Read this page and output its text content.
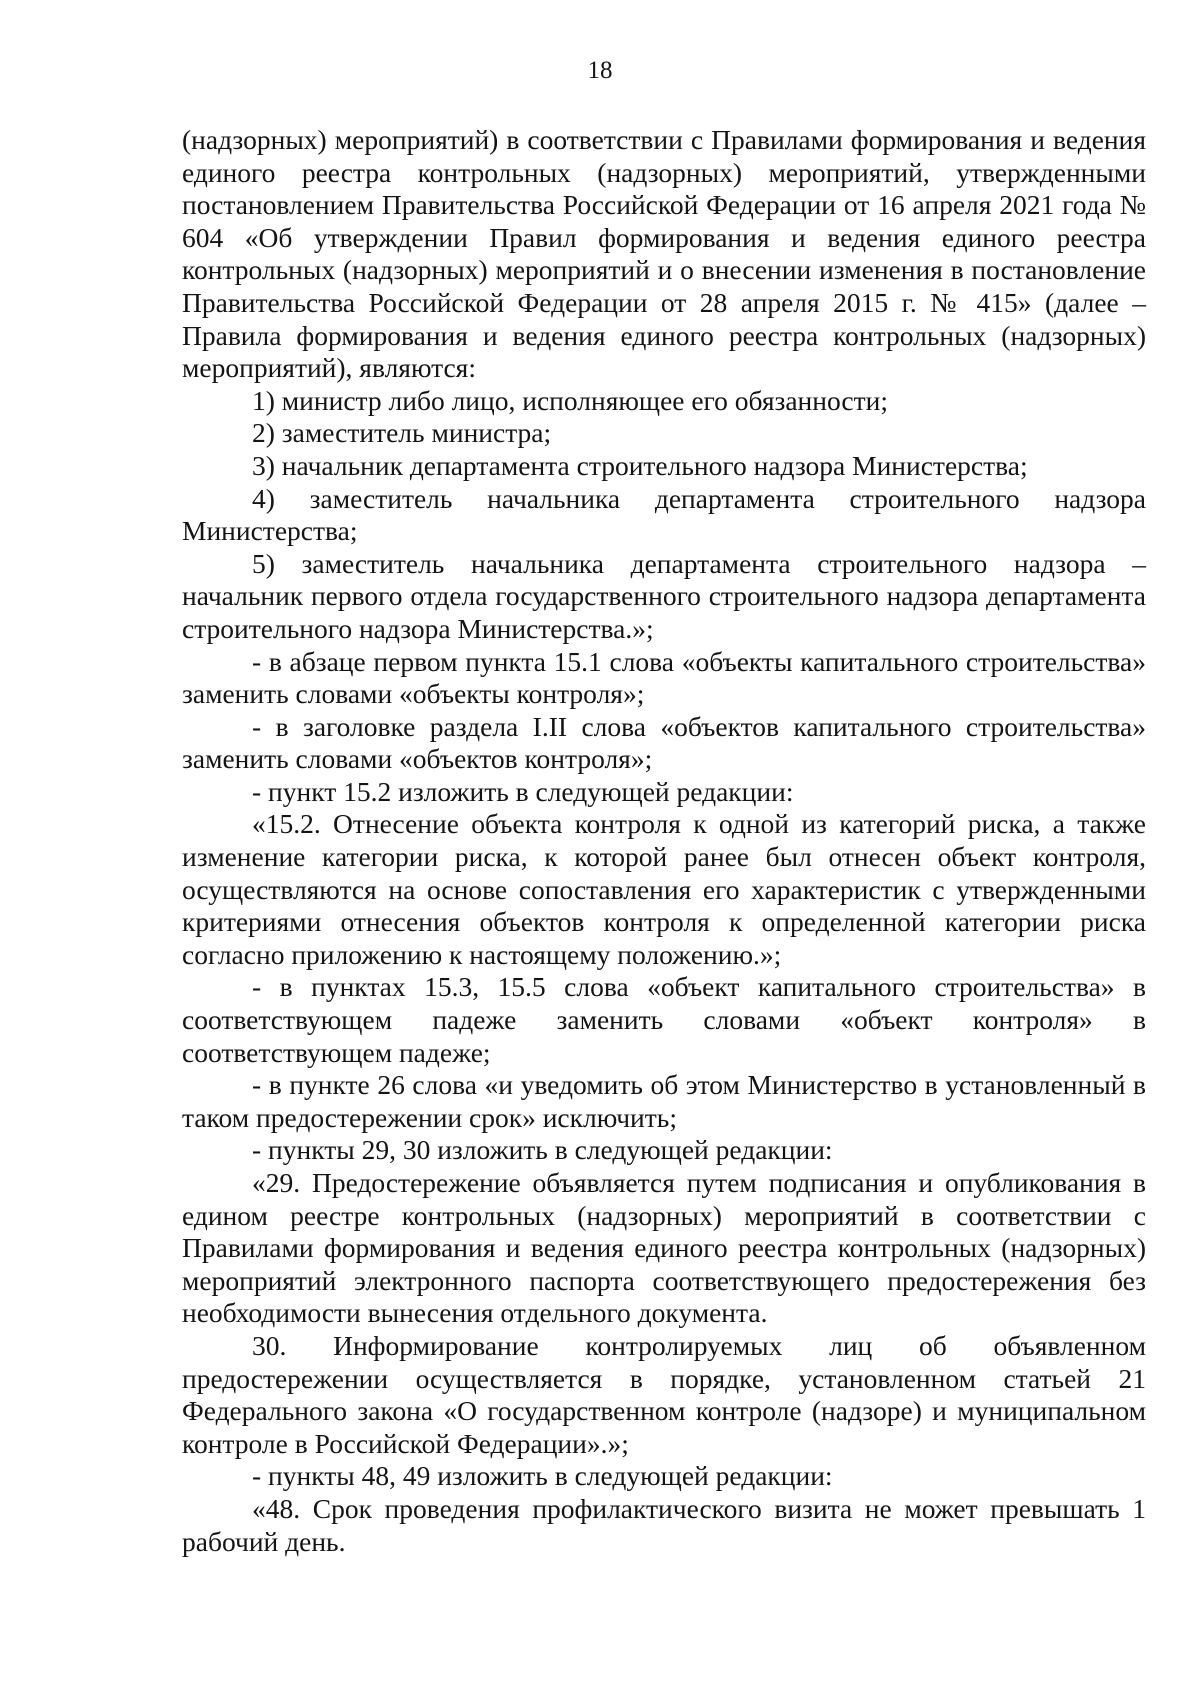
18

(надзорных) мероприятий) в соответствии с Правилами формирования и ведения единого реестра контрольных (надзорных) мероприятий, утвержденными постановлением Правительства Российской Федерации от 16 апреля 2021 года № 604 «Об утверждении Правил формирования и ведения единого реестра контрольных (надзорных) мероприятий и о внесении изменения в постановление Правительства Российской Федерации от 28 апреля 2015 г. № 415» (далее – Правила формирования и ведения единого реестра контрольных (надзорных) мероприятий), являются:

1) министр либо лицо, исполняющее его обязанности;

2) заместитель министра;

3) начальник департамента строительного надзора Министерства;

4) заместитель начальника департамента строительного надзора Министерства;

5) заместитель начальника департамента строительного надзора – начальник первого отдела государственного строительного надзора департамента строительного надзора Министерства.»;

- в абзаце первом пункта 15.1 слова «объекты капитального строительства» заменить словами «объекты контроля»;

- в заголовке раздела I.II слова «объектов капитального строительства» заменить словами «объектов контроля»;

- пункт 15.2 изложить в следующей редакции:

«15.2. Отнесение объекта контроля к одной из категорий риска, а также изменение категории риска, к которой ранее был отнесен объект контроля, осуществляются на основе сопоставления его характеристик с утвержденными критериями отнесения объектов контроля к определенной категории риска согласно приложению к настоящему положению.»;

- в пунктах 15.3, 15.5 слова «объект капитального строительства» в соответствующем падеже заменить словами «объект контроля» в соответствующем падеже;

- в пункте 26 слова «и уведомить об этом Министерство в установленный в таком предостережении срок» исключить;

- пункты 29, 30 изложить в следующей редакции:

«29. Предостережение объявляется путем подписания и опубликования в едином реестре контрольных (надзорных) мероприятий в соответствии с Правилами формирования и ведения единого реестра контрольных (надзорных) мероприятий электронного паспорта соответствующего предостережения без необходимости вынесения отдельного документа.

30. Информирование контролируемых лиц об объявленном предостережении осуществляется в порядке, установленном статьей 21 Федерального закона «О государственном контроле (надзоре) и муниципальном контроле в Российской Федерации».»;

- пункты 48, 49 изложить в следующей редакции:

«48. Срок проведения профилактического визита не может превышать 1 рабочий день.
